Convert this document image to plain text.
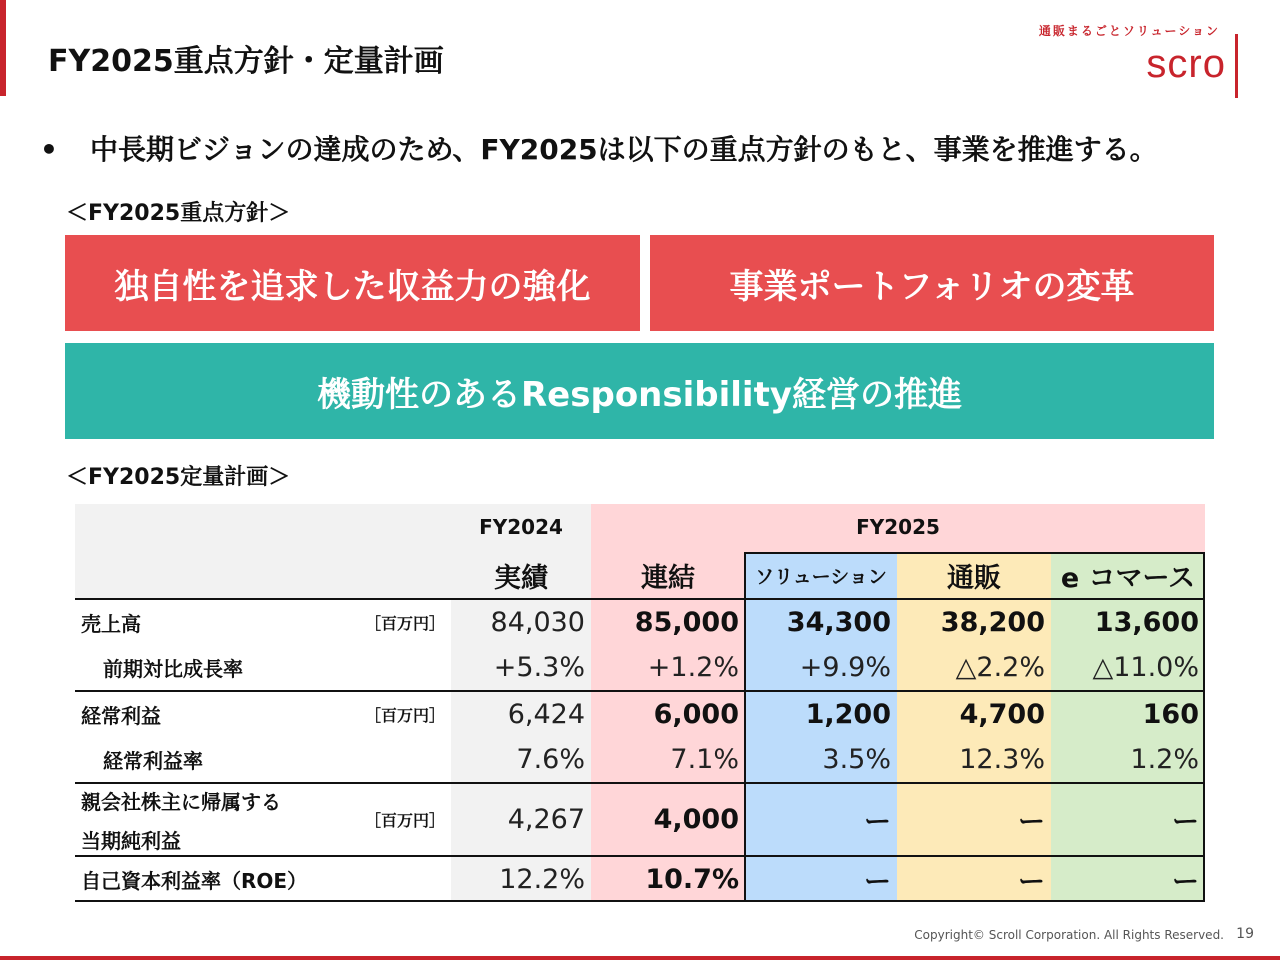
FY2025重点方針・定量計画
通販まるごとソリューション
scro
• 中長期ビジョンの達成のため、FY2025は以下の重点方針のもと、事業を推進する。
＜FY2025重点方針＞
独自性を追求した収益力の強化	事業ポートフォリオの変革
機動性のあるResponsibility経営の推進
＜FY2025定量計画＞
FY2024	FY2025
実績	連結	ソリューション	通販	e コマース
売上高	［百万円］	84,030	85,000	34,300	38,200	13,600
前期対比成長率	+5.3%	+1.2%	+9.9%	△2.2%	△11.0%
経常利益	［百万円］	6,424	6,000	1,200	4,700	160
経常利益率	7.6%	7.1%	3.5%	12.3%	1.2%
親会社株主に帰属する
当期純利益
［百万円］	4,267	4,000	ー	ー	ー
自己資本利益率（ROE）	12.2%	10.7%	ー	ー	ー
Copyright© Scroll Corporation. All Rights Reserved. 19
